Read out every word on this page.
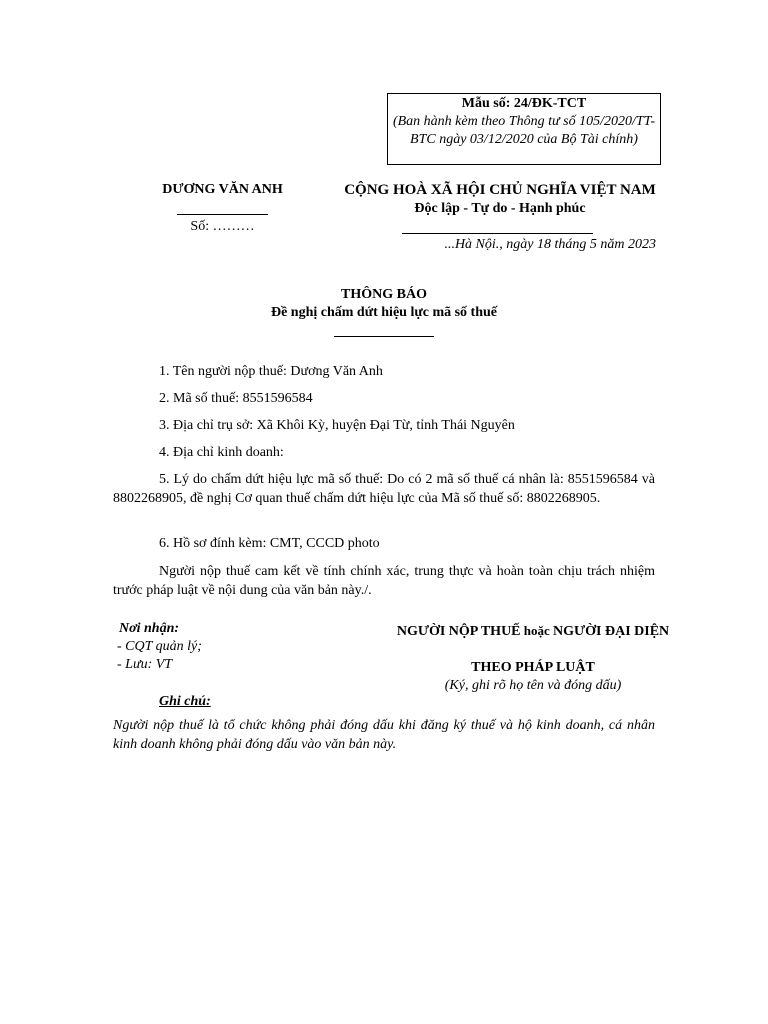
Mẫu số: 24/ĐK-TCT
(Ban hành kèm theo Thông tư số 105/2020/TT-BTC ngày 03/12/2020 của Bộ Tài chính)
DƯƠNG VĂN ANH
Số: ………
CỘNG HOÀ XÃ HỘI CHỦ NGHĨA VIỆT NAM
Độc lập - Tự do - Hạnh phúc
...Hà Nội., ngày 18 tháng 5 năm 2023
THÔNG BÁO
Đề nghị chấm dứt hiệu lực mã số thuế
1. Tên người nộp thuế: Dương Văn Anh
2. Mã số thuế: 8551596584
3. Địa chỉ trụ sở: Xã Khôi Kỳ, huyện Đại Từ, tỉnh Thái Nguyên
4. Địa chỉ kinh doanh:
5. Lý do chấm dứt hiệu lực mã số thuế: Do có 2 mã số thuế cá nhân là: 8551596584 và 8802268905, đề nghị Cơ quan thuế chấm dứt hiệu lực của Mã số thuế số: 8802268905.
6. Hồ sơ đính kèm: CMT, CCCD photo
Người nộp thuế cam kết về tính chính xác, trung thực và hoàn toàn chịu trách nhiệm trước pháp luật về nội dung của văn bản này./.
Nơi nhận:
- CQT quản lý;
- Lưu: VT
NGƯỜI NỘP THUẾ hoặc NGƯỜI ĐẠI DIỆN
THEO PHÁP LUẬT
(Ký, ghi rõ họ tên và đóng dấu)
Ghi chú:
Người nộp thuế là tổ chức không phải đóng dấu khi đăng ký thuế và hộ kinh doanh, cá nhân kinh doanh không phải đóng dấu vào văn bản này.
